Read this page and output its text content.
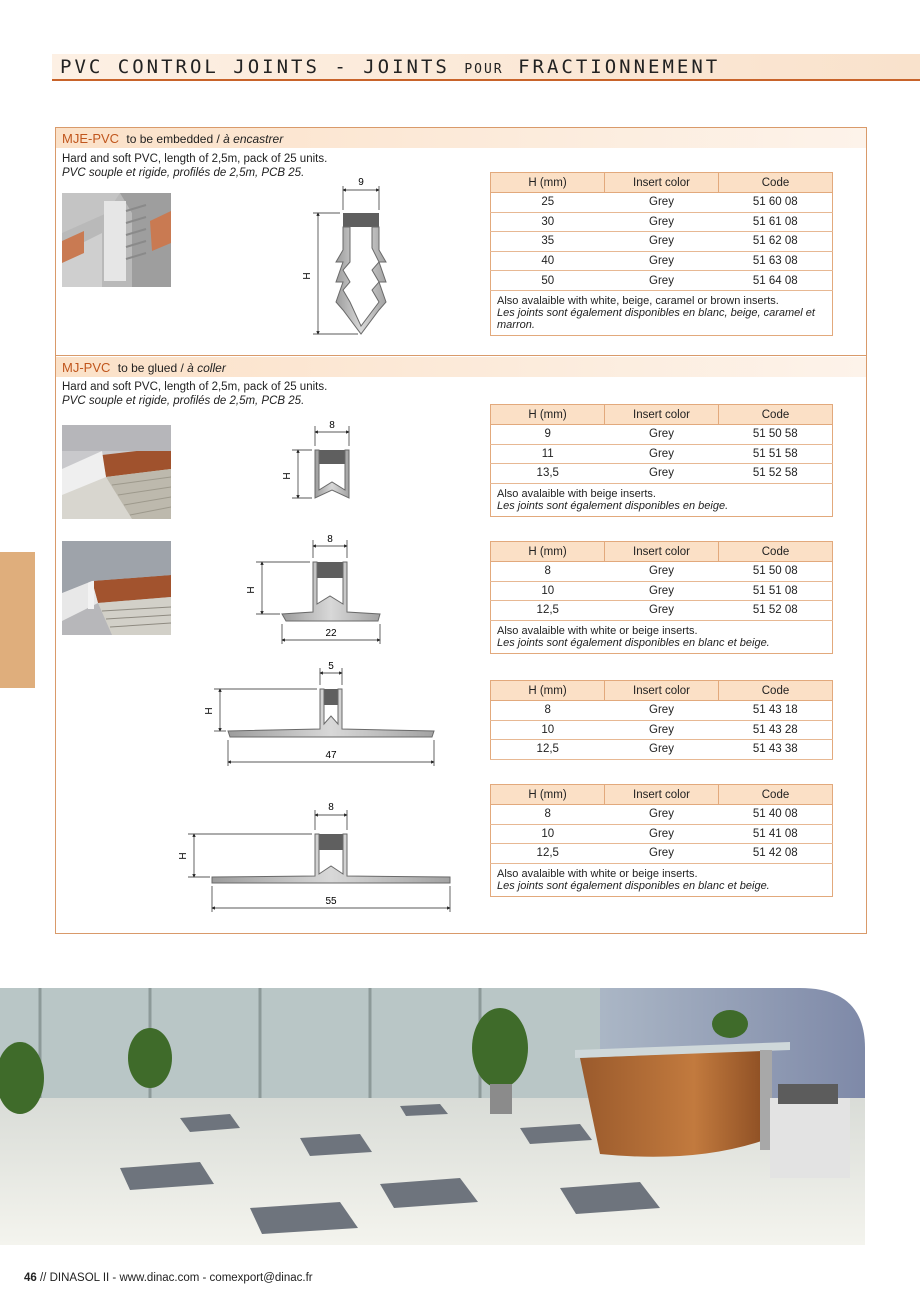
PVC CONTROL JOINTS - JOINTS POUR FRACTIONNEMENT
MJE-PVC to be embedded / à encastrer
Hard and soft PVC, length of 2,5m, pack of 25 units.
PVC souple et rigide, profilés de 2,5m, PCB 25.
MJ-PVC to be glued / à coller
Hard and soft PVC, length of 2,5m, pack of 25 units.
PVC souple et rigide, profilés de 2,5m, PCB 25.
H (mm)	Insert color	Code
25	Grey	51 60 08
30	Grey	51 61 08
35	Grey	51 62 08
40	Grey	51 63 08
50	Grey	51 64 08

Also avalaible with white, beige, caramel or brown inserts.
Les joints sont également disponibles en blanc, beige, caramel et marron.		
H (mm)	Insert color	Code
9	Grey	51 50 58
11	Grey	51 51 58
13,5	Grey	51 52 58

Also avalaible with beige inserts.
Les joints sont également disponibles en beige.		
H (mm)	Insert color	Code
8	Grey	51 50 08
10	Grey	51 51 08
12,5	Grey	51 52 08

Also avalaible with white or beige inserts.
Les joints sont également disponibles en blanc et beige.		
H (mm)	Insert color	Code
8	Grey	51 43 18
10	Grey	51 43 28
12,5	Grey	51 43 38
H (mm)	Insert color	Code
8	Grey	51 40 08
10	Grey	51 41 08
12,5	Grey	51 42 08

Also avalaible with white or beige inserts.
Les joints sont également disponibles en blanc et beige.		
9
H
8
H
8
H
22
5
H
47
8
H
55
46 // DINASOL II - www.dinac.com - comexport@dinac.fr
